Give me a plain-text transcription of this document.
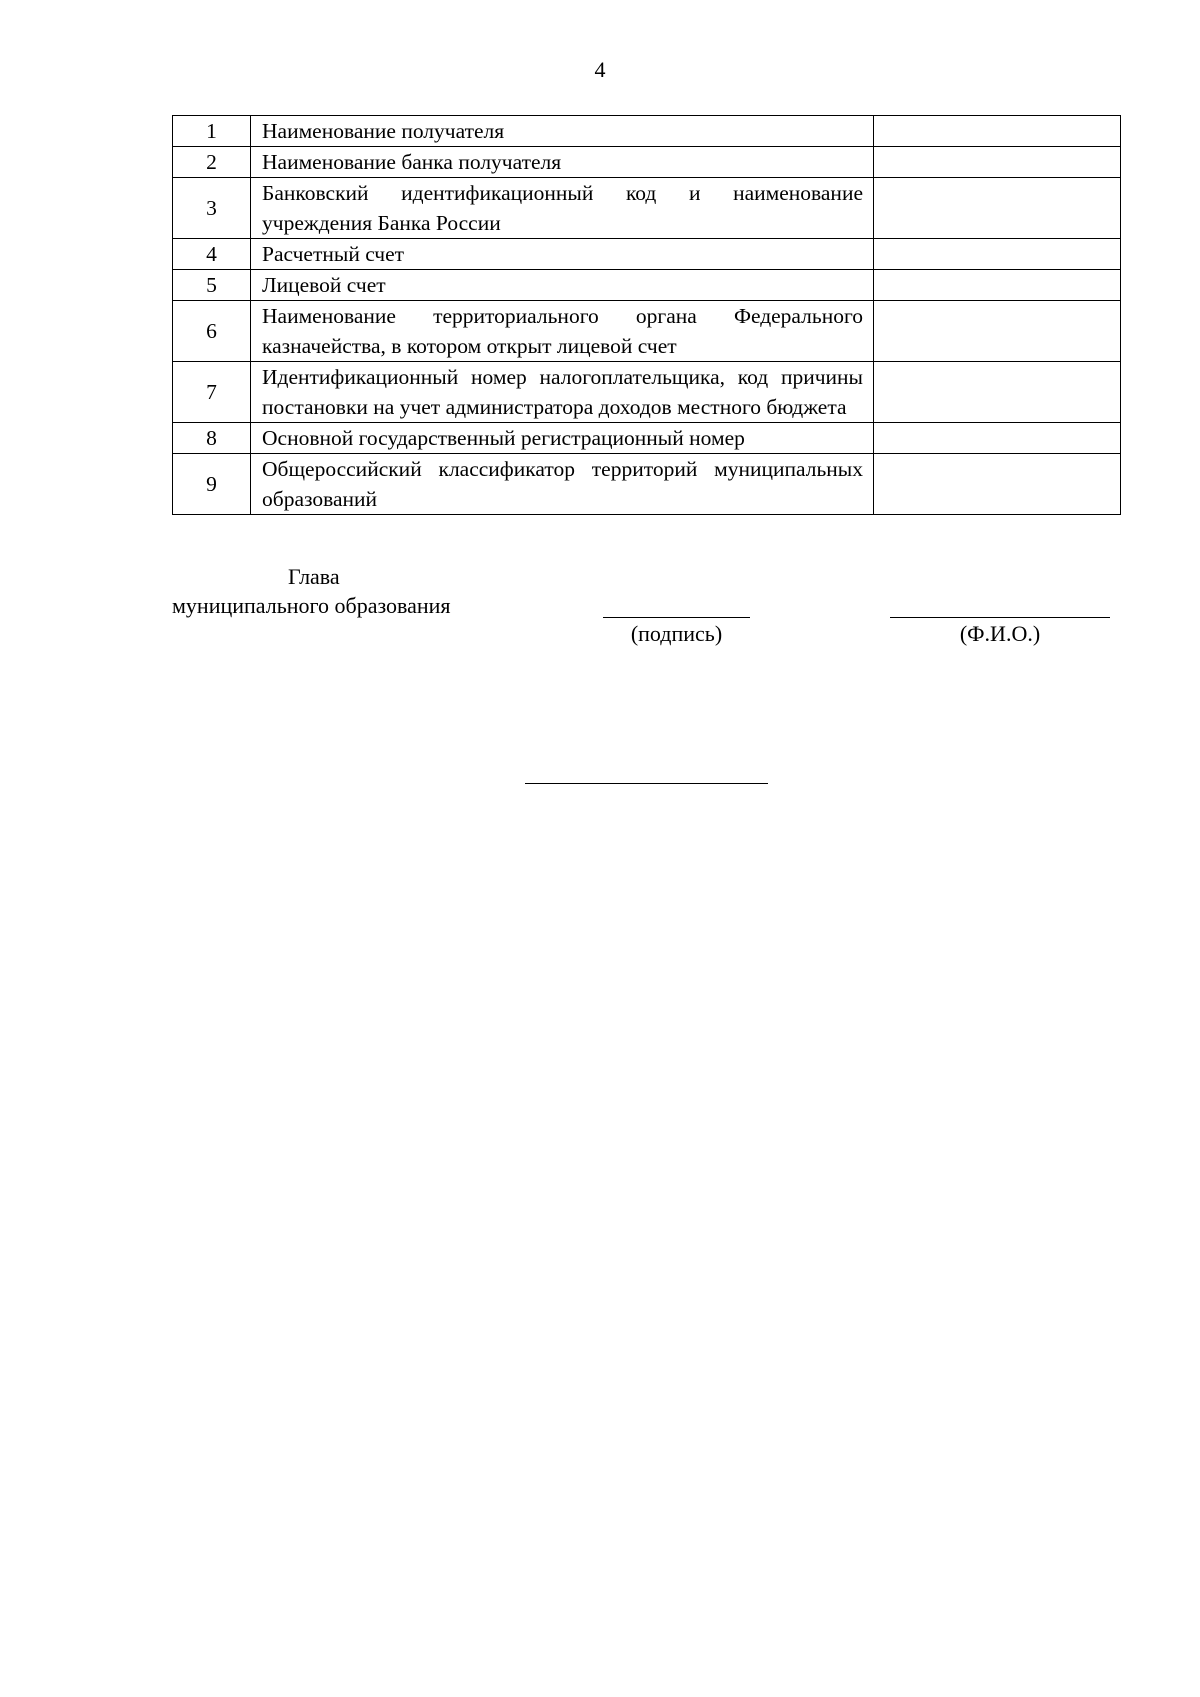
4
1	Наименование получателя	
2	Наименование банка получателя	
3	Банковский идентификационный код и наименование учреждения Банка России	
4	Расчетный счет	
5	Лицевой счет	
6	Наименование территориального органа Федерального казначейства, в котором открыт лицевой счет	
7	Идентификационный номер налогоплательщика, код причины постановки на учет администратора доходов местного бюджета	
8	Основной государственный регистрационный номер	
9	Общероссийский классификатор территорий муниципальных образований	
Глава
муниципального образования
(подпись)	(Ф.И.О.)
